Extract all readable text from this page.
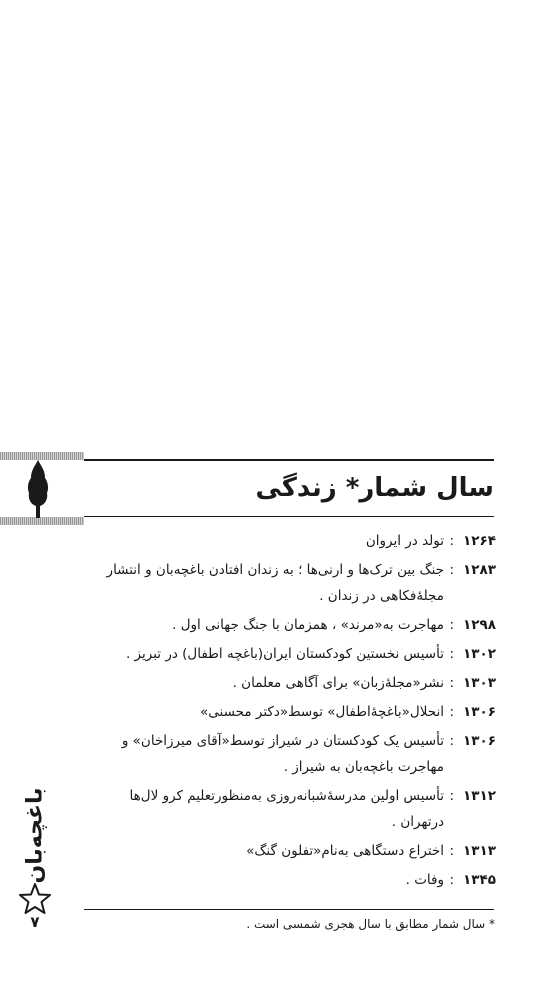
سال شمار* زندگی
۱۲۶۴
:
تولد در ایروان
۱۲۸۳
:
جنگ بین ترک‌ها و ارنی‌ها ؛ به زندان افتادن باغچه‌بان و انتشار
مجلهٔ‌فکاهی در زندان .
۱۲۹۸
:
مهاجرت به«مرند» ، همزمان با جنگ جهانی اول .
۱۳۰۲
:
تأسیس نخستین کودکستان ایران(باغچه اطفال) در تبریز .
۱۳۰۳
:
نشر«مجلهٔ‌زبان» برای آگاهی معلمان .
۱۳۰۶
:
انحلال«باغچهٔ‌اطفال» توسط«دکتر محسنی»
۱۳۰۶
:
تأسیس یک کودکستان در شیراز توسط«آقای میرزاخان» و
مهاجرت باغچه‌بان به شیراز .
۱۳۱۲
:
تأسیس اولین مدرسهٔ‌شبانه‌روزی به‌منظورتعلیم کرو لال‌ها
درتهران .
۱۳۱۳
:
اختراع دستگاهی به‌نام«تفلون گنگ»
۱۳۴۵
:
وفات .
* سال شمار مطابق با سال هجری شمسی است .
باغچه‌بان
۷
